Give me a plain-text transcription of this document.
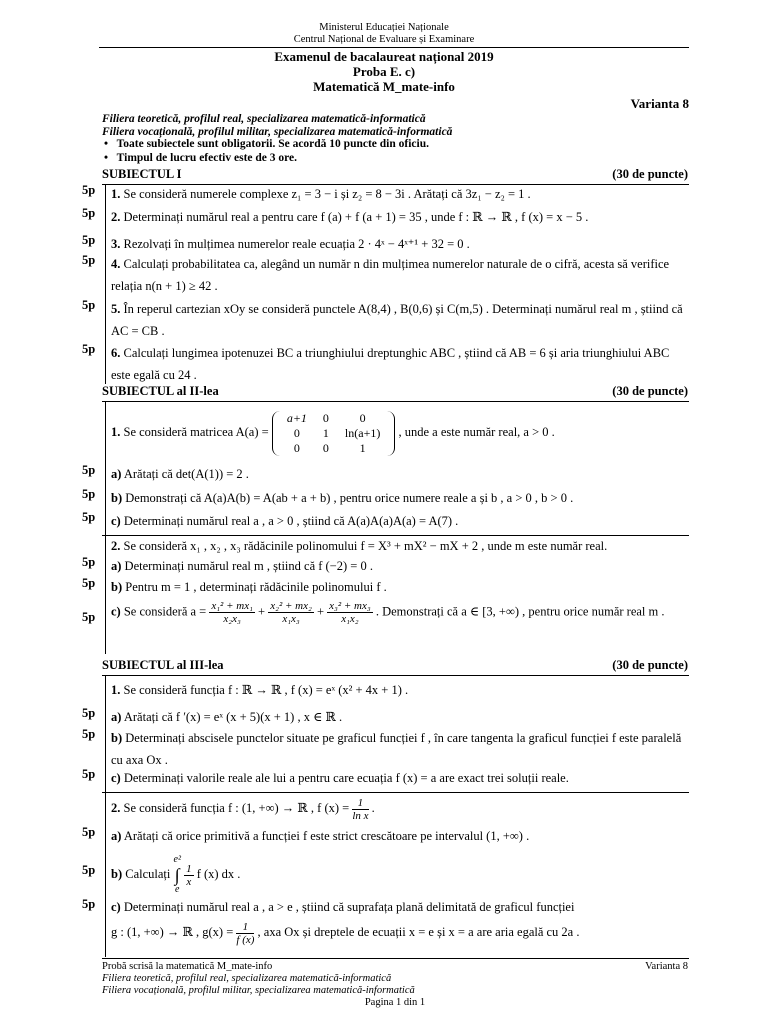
Ministerul Educației Naționale
Centrul Național de Evaluare și Examinare
Examenul de bacalaureat național 2019
Proba E. c)
Matematică M_mate-info
Varianta 8
Filiera teoretică, profilul real, specializarea matematică-informatică
Filiera vocațională, profilul militar, specializarea matematică-informatică
•   Toate subiectele sunt obligatorii. Se acordă 10 puncte din oficiu.
•   Timpul de lucru efectiv este de 3 ore.
SUBIECTUL I	(30 de puncte)
5p 1. Se consideră numerele complexe z₁ = 3 − i și z₂ = 8 − 3i . Arătați că 3z₁ − z₂ = 1 .
5p 2. Determinați numărul real a pentru care f (a) + f (a + 1) = 35 , unde f : ℝ → ℝ , f (x) = x − 5 .
5p 3. Rezolvați în mulțimea numerelor reale ecuația 2 · 4ˣ − 4ˣ⁺¹ + 32 = 0 .
5p 4. Calculați probabilitatea ca, alegând un număr n din mulțimea numerelor naturale de o cifră, acesta să verifice relația n(n + 1) ≥ 42 .
5p 5. În reperul cartezian xOy se consideră punctele A(8,4) , B(0,6) și C(m,5) . Determinați numărul real m , știind că AC = CB .
5p 6. Calculați lungimea ipotenuzei BC a triunghiului dreptunghic ABC , știind că AB = 6 și aria triunghiului ABC este egală cu 24 .
SUBIECTUL al II-lea	(30 de puncte)
1. Se consideră matricea A(a) =
a+1	0	0
0	1	ln(a+1)
0	0	1
, unde a este număr real, a > 0 .
5p a) Arătați că det(A(1)) = 2 .
5p b) Demonstrați că A(a)A(b) = A(ab + a + b) , pentru orice numere reale a și b , a > 0 , b > 0 .
5p c) Determinați numărul real a , a > 0 , știind că A(a)A(a)A(a) = A(7) .
2. Se consideră x₁ , x₂ , x₃ rădăcinile polinomului f = X³ + mX² − mX + 2 , unde m este număr real.
5p a) Determinați numărul real m , știind că f (−2) = 0 .
5p b) Pentru m = 1 , determinați rădăcinile polinomului f .
5p c) Se consideră $a = \frac{\text{x₁² + mx₁}}{\text{x₂x₃}} + \frac{\text{x₂² + mx₂}}{\text{x₁x₃}} + \frac{\text{x₃² + mx₃}}{\text{x₁x₂}}$ . Demonstrați că a ∈ [3, +∞) , pentru orice număr real m .
SUBIECTUL al III-lea	(30 de puncte)
1. Se consideră funcția f : ℝ → ℝ , f (x) = eˣ (x² + 4x + 1) .
5p a) Arătați că f ′(x) = eˣ (x + 5)(x + 1) , x ∈ ℝ .
5p b) Determinați abscisele punctelor situate pe graficul funcției f , în care tangenta la graficul funcției f este paralelă cu axa Ox .
5p c) Determinați valorile reale ale lui a pentru care ecuația f (x) = a are exact trei soluții reale.
2. Se consideră funcția f : (1, +∞) → ℝ , f $(x) = \frac{1}{\text{ln x}}$ .
5p a) Arătați că orice primitivă a funcției f este strict crescătoare pe intervalul (1, +∞) .
5p b) Calculați
e²
∫
e

$\frac{1}{x}$ f (x) dx .
5p c) Determinați numărul real a , a > e , știind că suprafața plană delimitată de graficul funcției
g : (1, +∞) → ℝ , $g(x) = \frac{1}{f (x)}$ , axa Ox și dreptele de ecuații x = e și x = a are aria egală cu 2a .
Probă scrisă la matematică M_mate-info	Varianta 8
Filiera teoretică, profilul real, specializarea matematică-informatică
Filiera vocațională, profilul militar, specializarea matematică-informatică
Pagina 1 din 1
